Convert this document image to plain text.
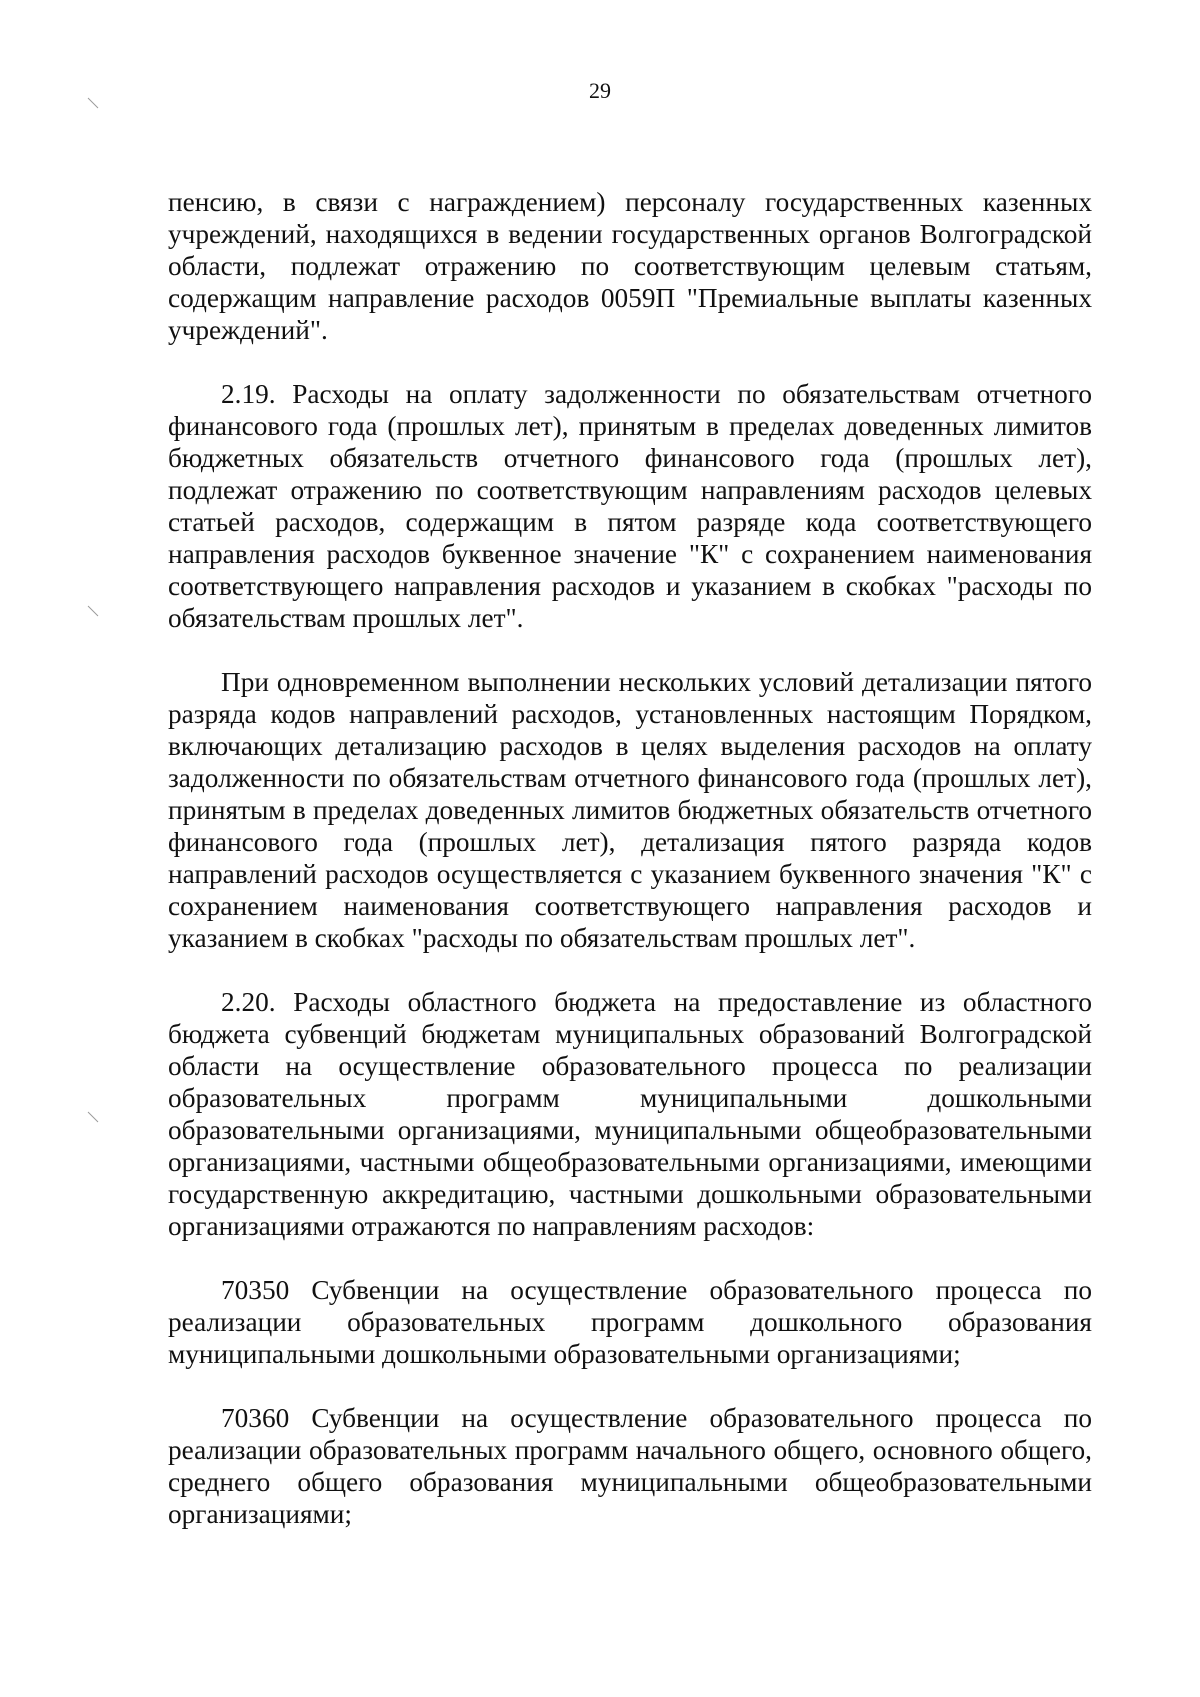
29

пенсию, в связи с награждением) персоналу государственных казенных учреждений, находящихся в ведении государственных органов Волгоградской области, подлежат отражению по соответствующим целевым статьям, содержащим направление расходов 0059П "Премиальные выплаты казенных учреждений".

2.19. Расходы на оплату задолженности по обязательствам отчетного финансового года (прошлых лет), принятым в пределах доведенных лимитов бюджетных обязательств отчетного финансового года (прошлых лет), подлежат отражению по соответствующим направлениям расходов целевых статьей расходов, содержащим в пятом разряде кода соответствующего направления расходов буквенное значение "К" с сохранением наименования соответствующего направления расходов и указанием в скобках "расходы по обязательствам прошлых лет".

При одновременном выполнении нескольких условий детализации пятого разряда кодов направлений расходов, установленных настоящим Порядком, включающих детализацию расходов в целях выделения расходов на оплату задолженности по обязательствам отчетного финансового года (прошлых лет), принятым в пределах доведенных лимитов бюджетных обязательств отчетного финансового года (прошлых лет), детализация пятого разряда кодов направлений расходов осуществляется с указанием буквенного значения "К" с сохранением наименования соответствующего направления расходов и указанием в скобках "расходы по обязательствам прошлых лет".

2.20. Расходы областного бюджета на предоставление из областного бюджета субвенций бюджетам муниципальных образований Волгоградской области на осуществление образовательного процесса по реализации образовательных программ муниципальными дошкольными образовательными организациями, муниципальными общеобразовательными организациями, частными общеобразовательными организациями, имеющими государственную аккредитацию, частными дошкольными образовательными организациями отражаются по направлениям расходов:

70350 Субвенции на осуществление образовательного процесса по реализации образовательных программ дошкольного образования муниципальными дошкольными образовательными организациями;

70360 Субвенции на осуществление образовательного процесса по реализации образовательных программ начального общего, основного общего, среднего общего образования муниципальными общеобразовательными организациями;
